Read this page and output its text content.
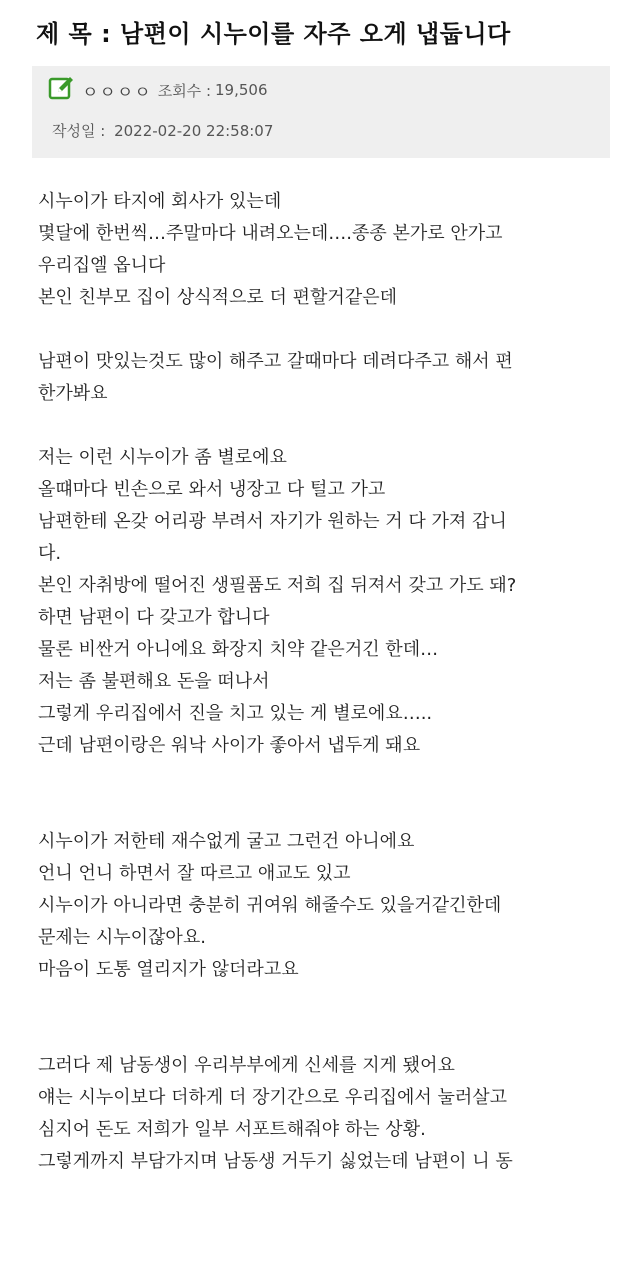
제 목 : 남편이 시누이를 자주 오게 냅둡니다
ㅇㅇㅇㅇ 조회수 : 19,506
작성일 : 2022-02-20 22:58:07
시누이가 타지에 회사가 있는데
몇달에 한번씩…주말마다 내려오는데….종종 본가로 안가고
우리집엘 옵니다
본인 친부모 집이 상식적으로 더 편할거같은데
남편이 맛있는것도 많이 해주고 갈때마다 데려다주고 해서 편
한가봐요
저는 이런 시누이가 좀 별로에요
올떄마다 빈손으로 와서 냉장고 다 털고 가고
남편한테 온갖 어리광 부려서 자기가 원하는 거 다 가져 갑니
다.
본인 자취방에 떨어진 생필품도 저희 집 뒤져서 갖고 가도 돼?
하면 남편이 다 갖고가 합니다
물론 비싼거 아니에요 화장지 치약 같은거긴 한데…
저는 좀 불편해요 돈을 떠나서
그렇게 우리집에서 진을 치고 있는 게 별로에요…..
근데 남편이랑은 워낙 사이가 좋아서 냅두게 돼요
시누이가 저한테 재수없게 굴고 그런건 아니에요
언니 언니 하면서 잘 따르고 애교도 있고
시누이가 아니라면 충분히 귀여워 해줄수도 있을거같긴한데
문제는 시누이잖아요.
마음이 도통 열리지가 않더라고요
그러다 제 남동생이 우리부부에게 신세를 지게 됐어요
얘는 시누이보다 더하게 더 장기간으로 우리집에서 눌러살고
심지어 돈도 저희가 일부 서포트해줘야 하는 상황.
그렇게까지 부담가지며 남동생 거두기 싫었는데 남편이 니 동
